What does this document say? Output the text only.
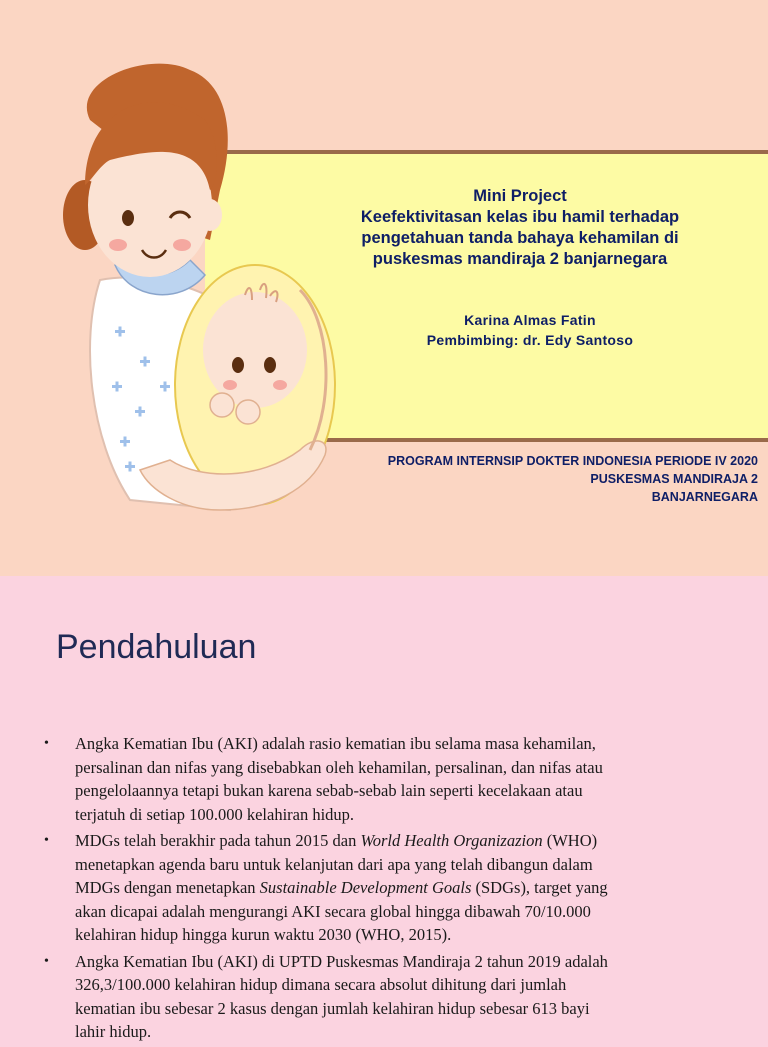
Mini Project
Keefektivitasan kelas ibu hamil terhadap
pengetahuan tanda bahaya kehamilan di
puskesmas mandiraja 2 banjarnegara
Karina Almas Fatin
Pembimbing: dr. Edy Santoso
PROGRAM INTERNSIP DOKTER INDONESIA PERIODE IV 2020
PUSKESMAS MANDIRAJA 2
BANJARNEGARA
Pendahuluan
• Angka Kematian Ibu (AKI) adalah rasio kematian ibu selama masa kehamilan,
persalinan dan nifas yang disebabkan oleh kehamilan, persalinan, dan nifas atau
pengelolaannya tetapi bukan karena sebab-sebab lain seperti kecelakaan atau
terjatuh di setiap 100.000 kelahiran hidup.
• MDGs telah berakhir pada tahun 2015 dan World Health Organizazion (WHO)
menetapkan agenda baru untuk kelanjutan dari apa yang telah dibangun dalam
MDGs dengan menetapkan Sustainable Development Goals (SDGs), target yang
akan dicapai adalah mengurangi AKI secara global hingga dibawah 70/10.000
kelahiran hidup hingga kurun waktu 2030 (WHO, 2015).
• Angka Kematian Ibu (AKI) di UPTD Puskesmas Mandiraja 2 tahun 2019 adalah
326,3/100.000 kelahiran hidup dimana secara absolut dihitung dari jumlah
kematian ibu sebesar 2 kasus dengan jumlah kelahiran hidup sebesar 613 bayi
lahir hidup.
